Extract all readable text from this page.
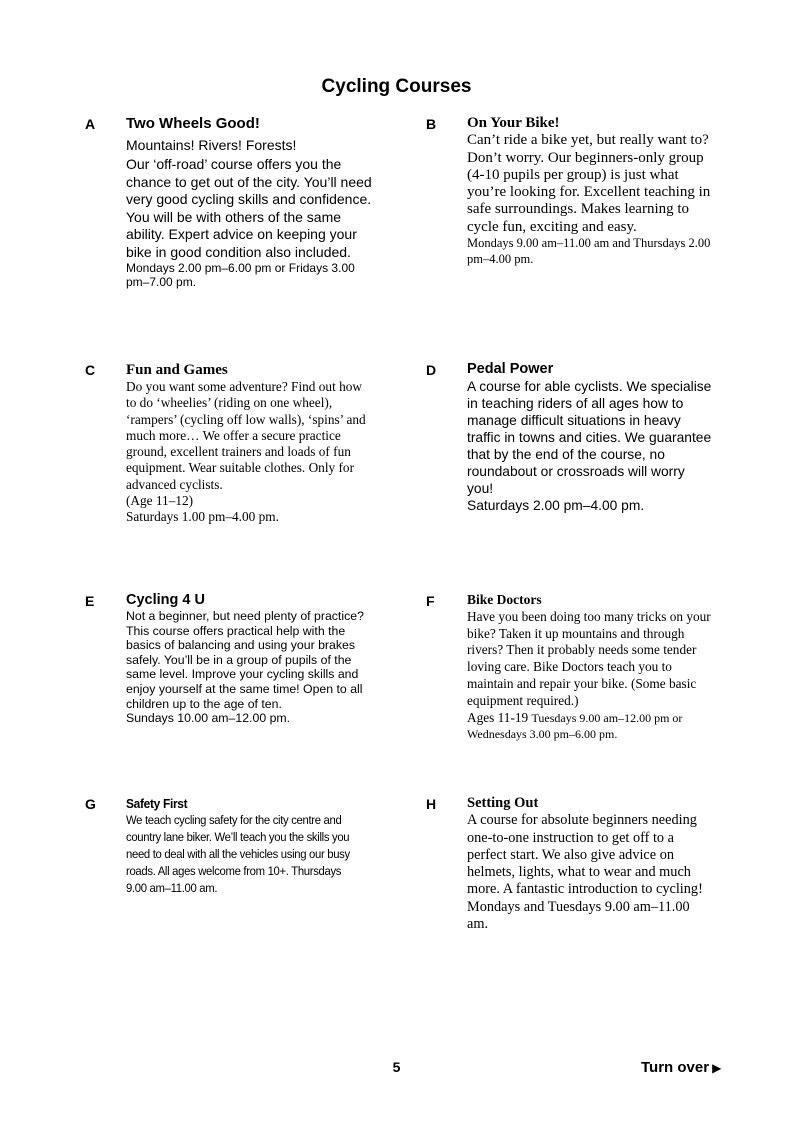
Cycling Courses
A Two Wheels Good!

Mountains! Rivers! Forests!

Our ‘off-road’ course offers you the chance to get out of the city. You’ll need very good cycling skills and confidence. You will be with others of the same ability. Expert advice on keeping your bike in good condition also included.

Mondays 2.00 pm–6.00 pm or Fridays 3.00 pm–7.00 pm.

B On Your Bike!

Can’t ride a bike yet, but really want to? Don’t worry. Our beginners-only group (4-10 pupils per group) is just what you’re looking for. Excellent teaching in safe surroundings. Makes learning to cycle fun, exciting and easy.

Mondays 9.00 am–11.00 am and Thursdays 2.00 pm–4.00 pm.

C Fun and Games

Do you want some adventure? Find out how to do ‘wheelies’ (riding on one wheel), ‘rampers’ (cycling off low walls), ‘spins’ and much more… We offer a secure practice ground, excellent trainers and loads of fun equipment. Wear suitable clothes. Only for advanced cyclists.

(Age 11–12)

Saturdays 1.00 pm–4.00 pm.

D Pedal Power

A course for able cyclists. We specialise in teaching riders of all ages how to manage difficult situations in heavy traffic in towns and cities. We guarantee that by the end of the course, no roundabout or crossroads will worry you!

Saturdays 2.00 pm–4.00 pm.

E Cycling 4 U

Not a beginner, but need plenty of practice? This course offers practical help with the basics of balancing and using your brakes safely. You’ll be in a group of pupils of the same level. Improve your cycling skills and enjoy yourself at the same time! Open to all children up to the age of ten.

Sundays 10.00 am–12.00 pm.

F Bike Doctors

Have you been doing too many tricks on your bike? Taken it up mountains and through rivers? Then it probably needs some tender loving care. Bike Doctors teach you to maintain and repair your bike. (Some basic equipment required.)

Ages 11-19 Tuesdays 9.00 am–12.00 pm or Wednesdays 3.00 pm–6.00 pm.

G Safety First

We teach cycling safety for the city centre and country lane biker. We’ll teach you the skills you need to deal with all the vehicles using our busy roads. All ages welcome from 10+. Thursdays 9.00 am–11.00 am.

H Setting Out

A course for absolute beginners needing one-to-one instruction to get off to a perfect start. We also give advice on helmets, lights, what to wear and much more. A fantastic introduction to cycling! Mondays and Tuesdays 9.00 am–11.00 am.

5	Turn over ▶
